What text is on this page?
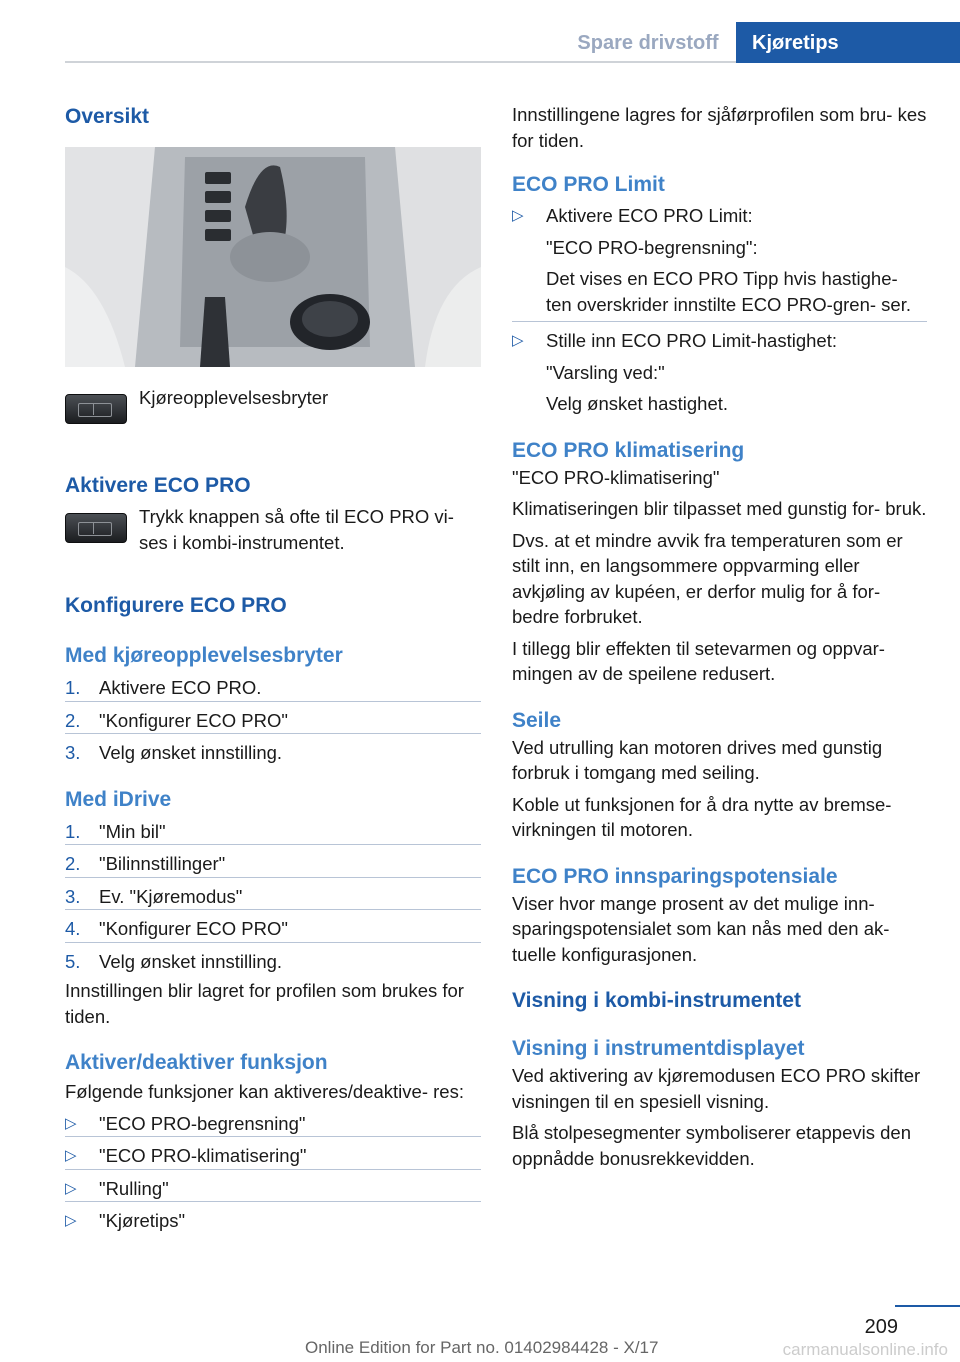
Spare drivstoff	Kjøretips
Oversikt

Kjøreopplevelsesbryter

Aktivere ECO PRO

Trykk knappen så ofte til ECO PRO vi‐ ses i kombi‐instrumentet.

Konfigurere ECO PRO
Med kjøreopplevelsesbryter
1.	Aktivere ECO PRO.
2.	"Konfigurer ECO PRO"
3.	Velg ønsket innstilling.
Med iDrive
1.	"Min bil"
2.	"Bilinnstillinger"
3.	Ev. "Kjøremodus"
4.	"Konfigurer ECO PRO"
5.	Velg ønsket innstilling.

Innstillingen blir lagret for profilen som brukes for tiden.

Aktiver/deaktiver funksjon

Følgende funksjoner kan aktiveres/deaktive‐ res:

▷	"ECO PRO-begrensning"
▷	"ECO PRO-klimatisering"
▷	"Rulling"
▷	"Kjøretips"

Innstillingene lagres for sjåførprofilen som bru‐ kes for tiden.

ECO PRO Limit
▷	Aktivere ECO PRO Limit:
"ECO PRO-begrensning":
Det vises en ECO PRO Tipp hvis hastighe‐ ten overskrider innstilte ECO PRO-gren‐ ser.
▷	Stille inn ECO PRO Limit-hastighet:
"Varsling ved:"
Velg ønsket hastighet.
ECO PRO klimatisering

"ECO PRO-klimatisering"

Klimatiseringen blir tilpasset med gunstig for‐ bruk.

Dvs. at et mindre avvik fra temperaturen som er stilt inn, en langsommere oppvarming eller avkjøling av kupéen, er derfor mulig for å for‐ bedre forbruket.

I tillegg blir effekten til setevarmen og oppvar‐ mingen av de speilene redusert.

Seile

Ved utrulling kan motoren drives med gunstig forbruk i tomgang med seiling.

Koble ut funksjonen for å dra nytte av bremse‐ virkningen til motoren.

ECO PRO innsparingspotensiale

Viser hvor mange prosent av det mulige inn‐ sparingspotensialet som kan nås med den ak‐ tuelle konfigurasjonen.

Visning i kombi-instrumentet
Visning i instrumentdisplayet

Ved aktivering av kjøremodusen ECO PRO skifter visningen til en spesiell visning.

Blå stolpesegmenter symboliserer etappevis den oppnådde bonusrekkevidden.

209
Online Edition for Part no. 01402984428 - X/17	carmanualsonline.info
